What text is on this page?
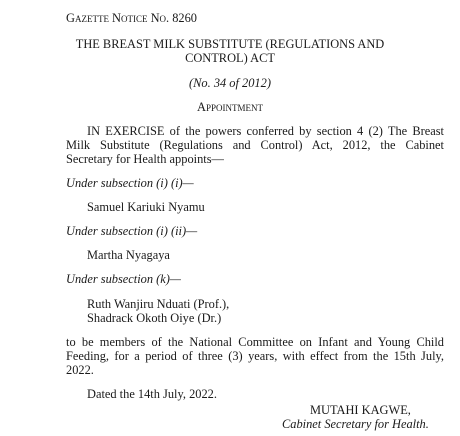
Gazette Notice No. 8260
THE BREAST MILK SUBSTITUTE (REGULATIONS AND
CONTROL) ACT
(No. 34 of 2012)
Appointment
IN EXERCISE of the powers conferred by section 4 (2) The Breast
Milk Substitute (Regulations and Control) Act, 2012, the Cabinet
Secretary for Health appoints—
Under subsection (i) (i)—
Samuel Kariuki Nyamu
Under subsection (i) (ii)—
Martha Nyagaya
Under subsection (k)—
Ruth Wanjiru Nduati (Prof.),
Shadrack Okoth Oiye (Dr.)
to be members of the National Committee on Infant and Young Child
Feeding, for a period of three (3) years, with effect from the 15th July,
2022.
Dated the 14th July, 2022.
MUTAHI KAGWE,
Cabinet Secretary for Health.
